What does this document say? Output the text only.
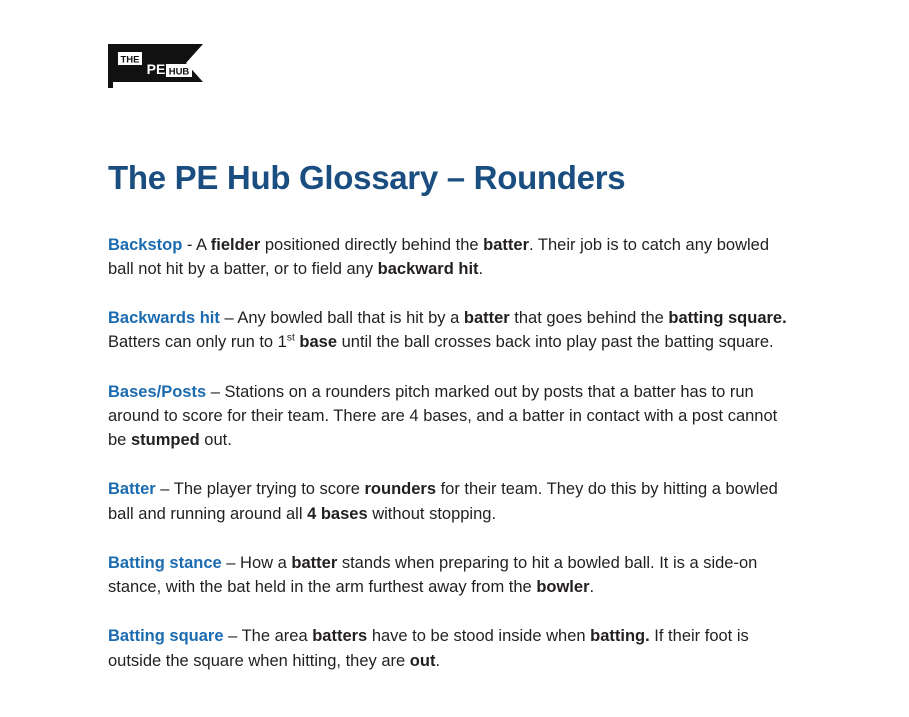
THE
PE HUB
The PE Hub Glossary – Rounders

Backstop - A fielder positioned directly behind the batter. Their job is to catch any bowled ball not hit by a batter, or to field any backward hit.

Backwards hit – Any bowled ball that is hit by a batter that goes behind the batting square. Batters can only run to 1st base until the ball crosses back into play past the batting square.

Bases/Posts – Stations on a rounders pitch marked out by posts that a batter has to run around to score for their team. There are 4 bases, and a batter in contact with a post cannot be stumped out.

Batter – The player trying to score rounders for their team. They do this by hitting a bowled ball and running around all 4 bases without stopping.

Batting stance – How a batter stands when preparing to hit a bowled ball. It is a side-on stance, with the bat held in the arm furthest away from the bowler.

Batting square – The area batters have to be stood inside when batting. If their foot is outside the square when hitting, they are out.
